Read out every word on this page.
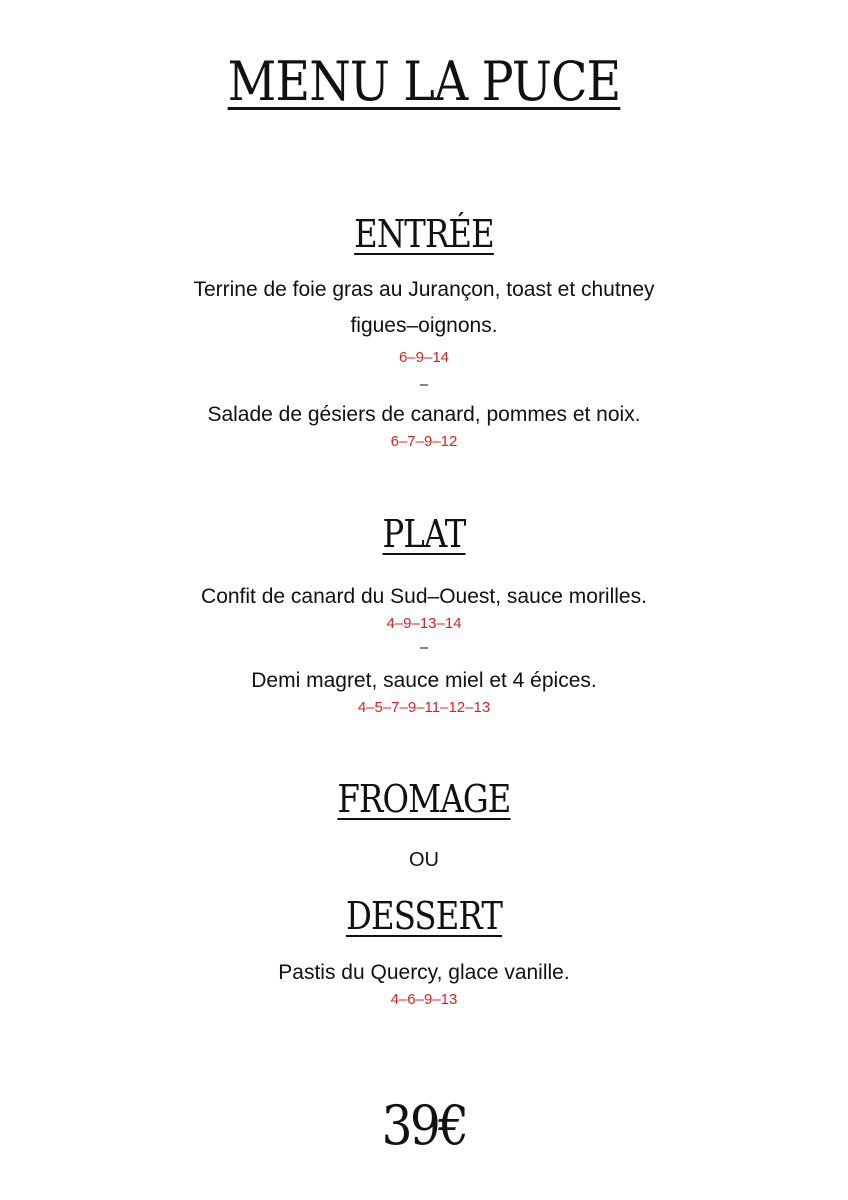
MENU LA PUCE
ENTRÉE
Terrine de foie gras au Jurançon, toast et chutney
figues–oignons.
6–9–14
–
Salade de gésiers de canard, pommes et noix.
6–7–9–12
PLAT
Confit de canard du Sud–Ouest, sauce morilles.
4–9–13–14
–
Demi magret, sauce miel et 4 épices.
4–5–7–9–11–12–13
FROMAGE
OU
DESSERT
Pastis du Quercy, glace vanille.
4–6–9–13
39€
